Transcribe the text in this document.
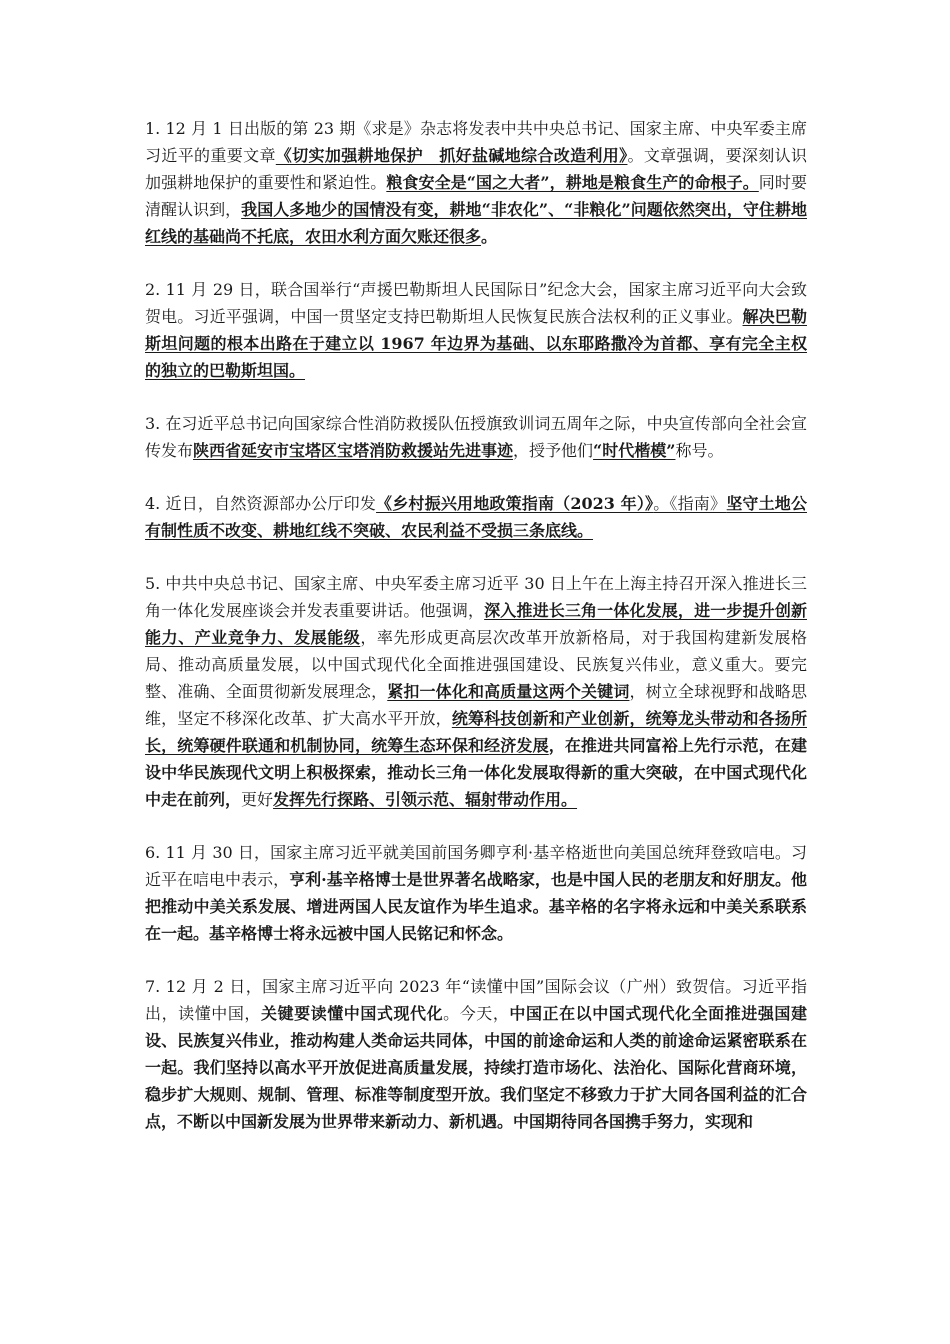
1. 12 月 1 日出版的第 23 期《求是》杂志将发表中共中央总书记、国家主席、中央军委主席习近平的重要文章《切实加强耕地保护　抓好盐碱地综合改造利用》。文章强调，要深刻认识加强耕地保护的重要性和紧迫性。粮食安全是“国之大者”，耕地是粮食生产的命根子。同时要清醒认识到，我国人多地少的国情没有变，耕地“非农化”、“非粮化”问题依然突出，守住耕地红线的基础尚不托底，农田水利方面欠账还很多。

2. 11 月 29 日，联合国举行“声援巴勒斯坦人民国际日”纪念大会，国家主席习近平向大会致贺电。习近平强调，中国一贯坚定支持巴勒斯坦人民恢复民族合法权利的正义事业。解决巴勒斯坦问题的根本出路在于建立以 1967 年边界为基础、以东耶路撒冷为首都、享有完全主权的独立的巴勒斯坦国。

3. 在习近平总书记向国家综合性消防救援队伍授旗致训词五周年之际，中央宣传部向全社会宣传发布陕西省延安市宝塔区宝塔消防救援站先进事迹，授予他们“时代楷模”称号。

4. 近日，自然资源部办公厅印发《乡村振兴用地政策指南（2023 年）》。《指南》坚守土地公有制性质不改变、耕地红线不突破、农民利益不受损三条底线。

5. 中共中央总书记、国家主席、中央军委主席习近平 30 日上午在上海主持召开深入推进长三角一体化发展座谈会并发表重要讲话。他强调，深入推进长三角一体化发展，进一步提升创新能力、产业竞争力、发展能级，率先形成更高层次改革开放新格局，对于我国构建新发展格局、推动高质量发展，以中国式现代化全面推进强国建设、民族复兴伟业，意义重大。要完整、准确、全面贯彻新发展理念，紧扣一体化和高质量这两个关键词，树立全球视野和战略思维，坚定不移深化改革、扩大高水平开放，统筹科技创新和产业创新，统筹龙头带动和各扬所长，统筹硬件联通和机制协同，统筹生态环保和经济发展，在推进共同富裕上先行示范，在建设中华民族现代文明上积极探索，推动长三角一体化发展取得新的重大突破，在中国式现代化中走在前列，更好发挥先行探路、引领示范、辐射带动作用。

6. 11 月 30 日，国家主席习近平就美国前国务卿亨利·基辛格逝世向美国总统拜登致唁电。习近平在唁电中表示，亨利·基辛格博士是世界著名战略家，也是中国人民的老朋友和好朋友。他把推动中美关系发展、增进两国人民友谊作为毕生追求。基辛格的名字将永远和中美关系联系在一起。基辛格博士将永远被中国人民铭记和怀念。

7. 12 月 2 日，国家主席习近平向 2023 年“读懂中国”国际会议（广州）致贺信。习近平指出，读懂中国，关键要读懂中国式现代化。今天，中国正在以中国式现代化全面推进强国建设、民族复兴伟业，推动构建人类命运共同体，中国的前途命运和人类的前途命运紧密联系在一起。我们坚持以高水平开放促进高质量发展，持续打造市场化、法治化、国际化营商环境，稳步扩大规则、规制、管理、标准等制度型开放。我们坚定不移致力于扩大同各国利益的汇合点，不断以中国新发展为世界带来新动力、新机遇。中国期待同各国携手努力，实现和
